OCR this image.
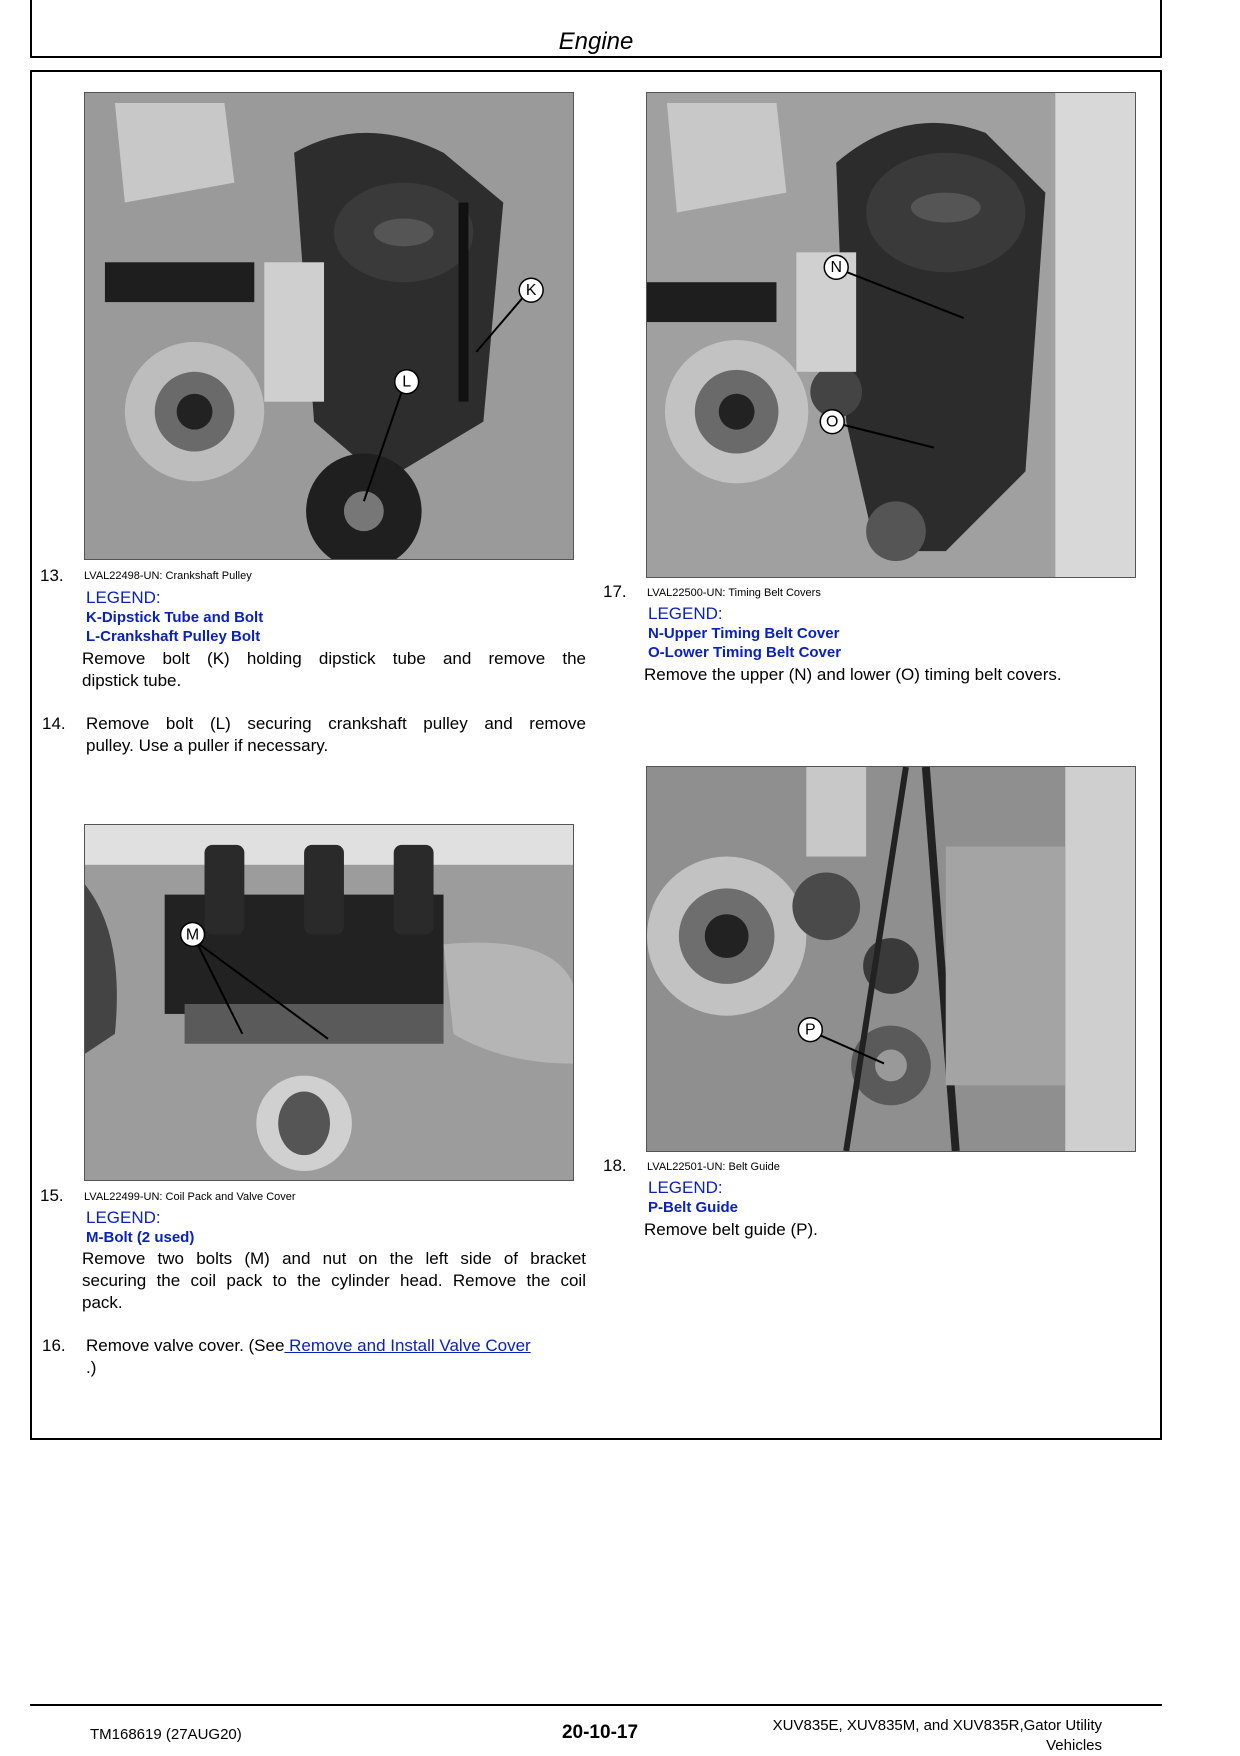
Engine
K
L
13. LVAL22498-UN: Crankshaft Pulley
LEGEND:
K-Dipstick Tube and Bolt
L-Crankshaft Pulley Bolt
Remove bolt (K) holding dipstick tube and remove the
dipstick tube.
14. Remove bolt (L) securing crankshaft pulley and remove
pulley. Use a puller if necessary.
M
15. LVAL22499-UN: Coil Pack and Valve Cover
LEGEND:
M-Bolt (2 used)
Remove two bolts (M) and nut on the left side of bracket
securing the coil pack to the cylinder head. Remove the coil
pack.
16. Remove valve cover. (See Remove and Install Valve Cover
.)
N
O
17. LVAL22500-UN: Timing Belt Covers
LEGEND:
N-Upper Timing Belt Cover
O-Lower Timing Belt Cover
Remove the upper (N) and lower (O) timing belt covers.
P
18. LVAL22501-UN: Belt Guide
LEGEND:
P-Belt Guide
Remove belt guide (P).
TM168619 (27AUG20)	20-10-17	XUV835E, XUV835M, and XUV835R,Gator Utility
Vehicles
